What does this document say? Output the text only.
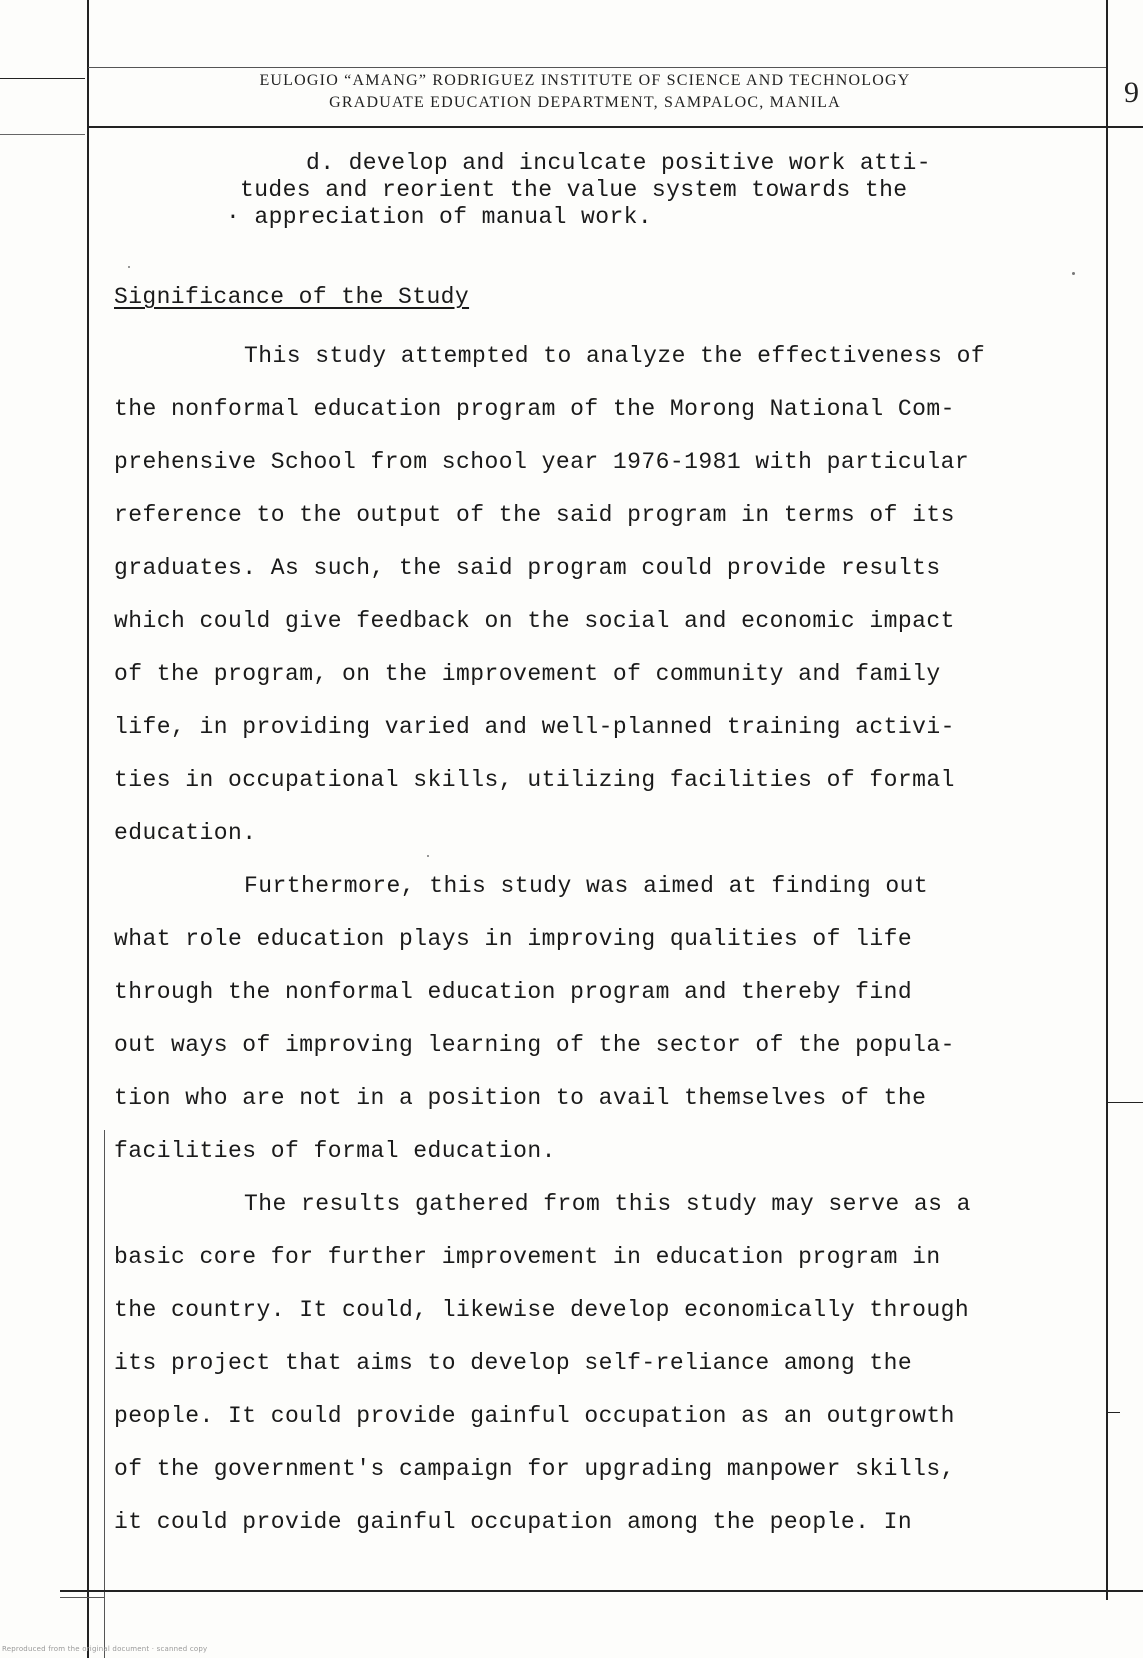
EULOGIO “AMANG” RODRIGUEZ INSTITUTE OF SCIENCE AND TECHNOLOGY
GRADUATE EDUCATION DEPARTMENT, SAMPALOC, MANILA	9
d. develop and inculcate positive work atti-
tudes and reorient the value system towards the
· appreciation of manual work.
Significance of the Study
This study attempted to analyze the effectiveness of
the nonformal education program of the Morong National Com-
prehensive School from school year 1976-1981 with particular
reference to the output of the said program in terms of its
graduates. As such, the said program could provide results
which could give feedback on the social and economic impact
of the program, on the improvement of community and family
life, in providing varied and well-planned training activi-
ties in occupational skills, utilizing facilities of formal
education.
Furthermore, this study was aimed at finding out
what role education plays in improving qualities of life
through the nonformal education program and thereby find
out ways of improving learning of the sector of the popula-
tion who are not in a position to avail themselves of the
facilities of formal education.
The results gathered from this study may serve as a
basic core for further improvement in education program in
the country. It could, likewise develop economically through
its project that aims to develop self-reliance among the
people. It could provide gainful occupation as an outgrowth
of the government's campaign for upgrading manpower skills,
it could provide gainful occupation among the people. In
Reproduced from the original document · scanned copy
